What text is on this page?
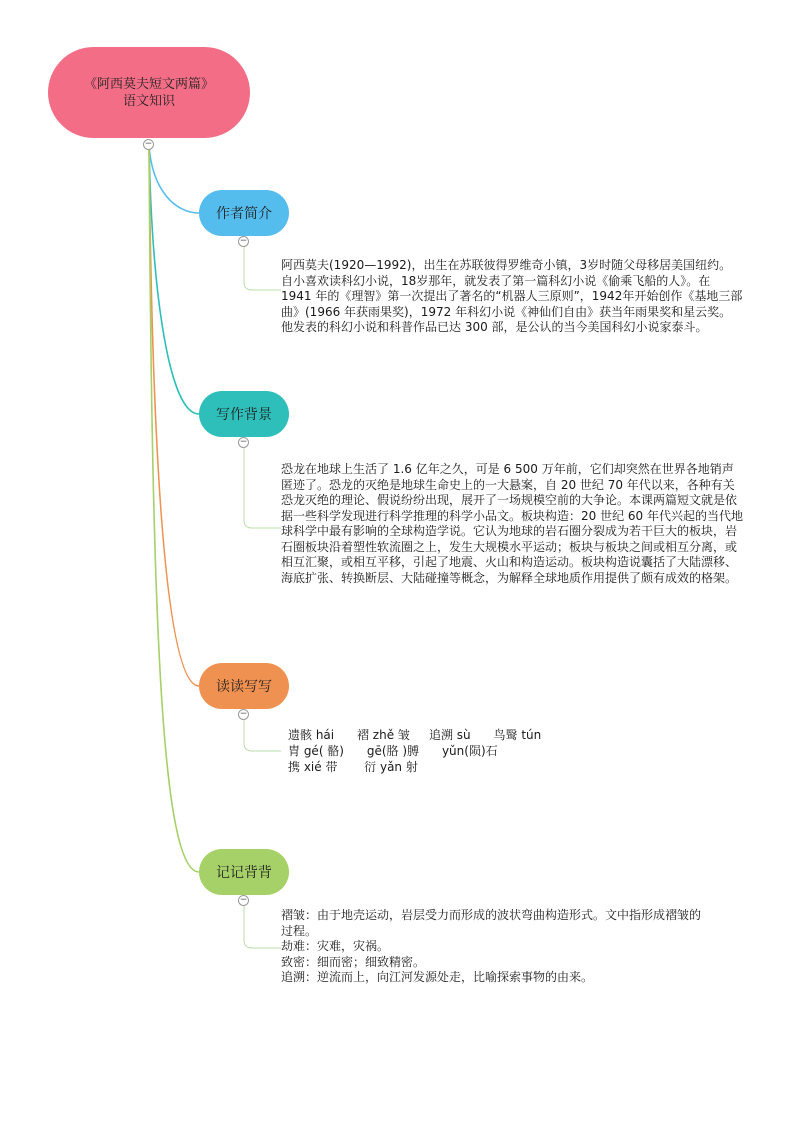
《阿西莫夫短文两篇》
语文知识
−
作者简介
−
阿西莫夫(1920—1992)，出生在苏联彼得罗维奇小镇，3岁时随父母移居美国纽约。自小喜欢读科幻小说，18岁那年，就发表了第一篇科幻小说《偷乘飞船的人》。在 1941 年的《理智》第一次提出了著名的“机器人三原则”，1942年开始创作《基地三部曲》(1966 年获雨果奖)，1972 年科幻小说《神仙们自由》获当年雨果奖和星云奖。他发表的科幻小说和科普作品已达 300 部，是公认的当今美国科幻小说家泰斗。
写作背景
−
恐龙在地球上生活了 1.6 亿年之久，可是 6 500 万年前，它们却突然在世界各地销声匿迹了。恐龙的灭绝是地球生命史上的一大悬案，自 20 世纪 70 年代以来，各种有关恐龙灭绝的理论、假说纷纷出现，展开了一场规模空前的大争论。本课两篇短文就是依据一些科学发现进行科学推理的科学小品文。板块构造：20 世纪 60 年代兴起的当代地球科学中最有影响的全球构造学说。它认为地球的岩石圈分裂成为若干巨大的板块，岩石圈板块沿着塑性软流圈之上，发生大规模水平运动；板块与板块之间或相互分离，或相互汇聚，或相互平移，引起了地震、火山和构造运动。板块构造说囊括了大陆漂移、海底扩张、转换断层、大陆碰撞等概念，为解释全球地质作用提供了颇有成效的格架。
读读写写
−
遗骸 hái      褶 zhě 皱     追溯 sù      鸟鹥 tún
胄 gé( 骼)      gē(胳 )膊      yǔn(陨)石
携 xié 带       衍 yǎn 射
记记背背
−
褶皱：由于地壳运动，岩层受力而形成的波状弯曲构造形式。文中指形成褶皱的过程。
劫难：灾难，灾祸。
致密：细而密；细致精密。
追溯：逆流而上，向江河发源处走，比喻探索事物的由来。
